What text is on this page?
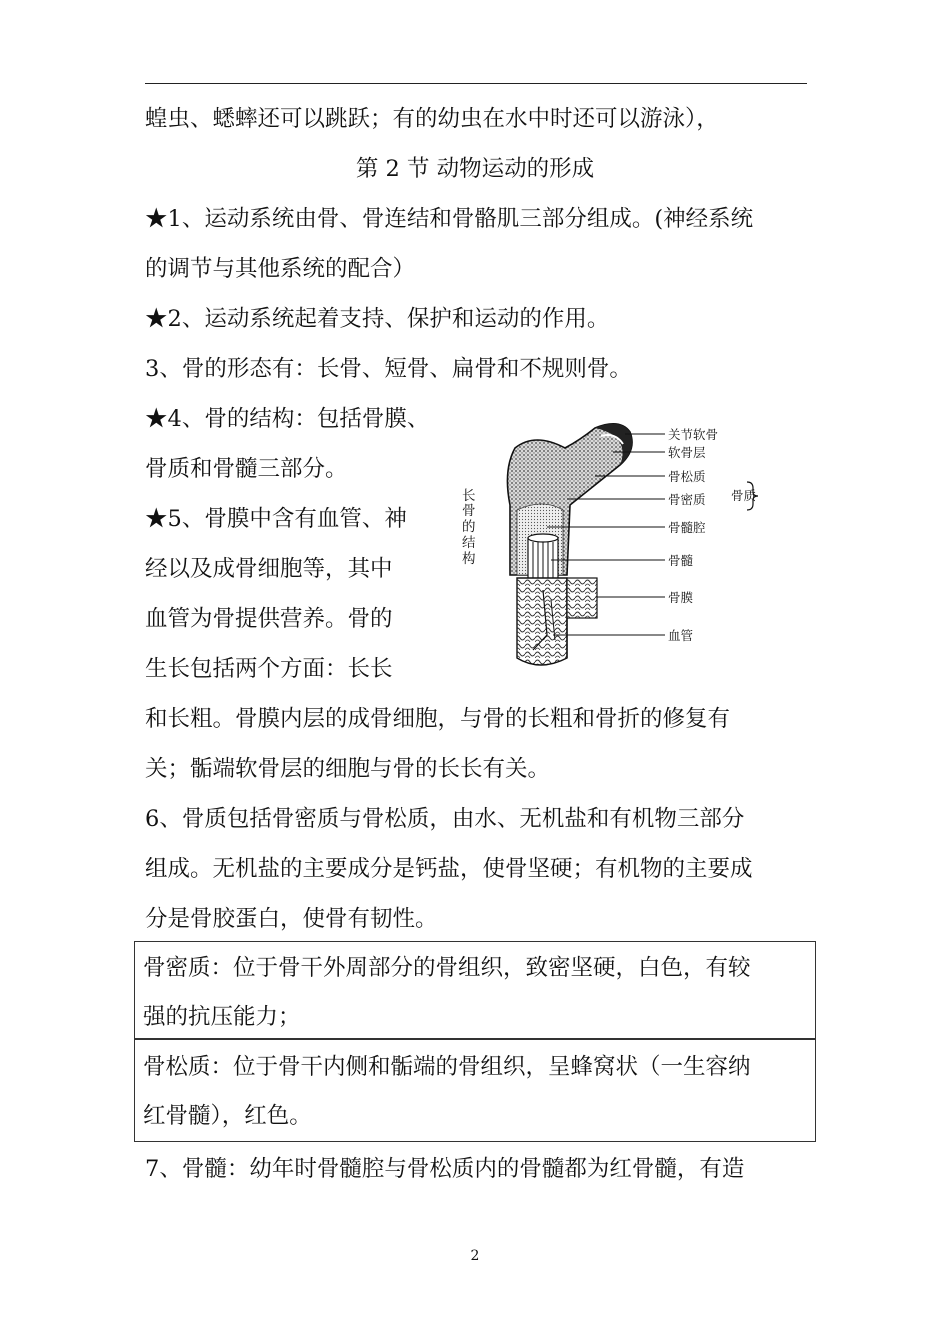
蝗虫、蟋蟀还可以跳跃；有的幼虫在水中时还可以游泳），
第 2 节 动物运动的形成
★1、运动系统由骨、骨连结和骨骼肌三部分组成。(神经系统
的调节与其他系统的配合）
★2、运动系统起着支持、保护和运动的作用。
3、骨的形态有：长骨、短骨、扁骨和不规则骨。
★4、骨的结构：包括骨膜、
骨质和骨髓三部分。
★5、骨膜中含有血管、神
经以及成骨细胞等，其中
血管为骨提供营养。骨的
生长包括两个方面：长长
和长粗。骨膜内层的成骨细胞，与骨的长粗和骨折的修复有
关；骺端软骨层的细胞与骨的长长有关。
6、骨质包括骨密质与骨松质，由水、无机盐和有机物三部分
组成。无机盐的主要成分是钙盐，使骨坚硬；有机物的主要成
分是骨胶蛋白，使骨有韧性。
骨密质：位于骨干外周部分的骨组织，致密坚硬，白色，有较
强的抗压能力；
骨松质：位于骨干内侧和骺端的骨组织，呈蜂窝状（一生容纳
红骨髓），红色。
7、骨髓：幼年时骨髓腔与骨松质内的骨髓都为红骨髓，有造
长
骨
的
结
构
关节软骨
软骨层
骨松质
骨密质
骨髓腔
骨髓
骨膜
血管
骨质
2
